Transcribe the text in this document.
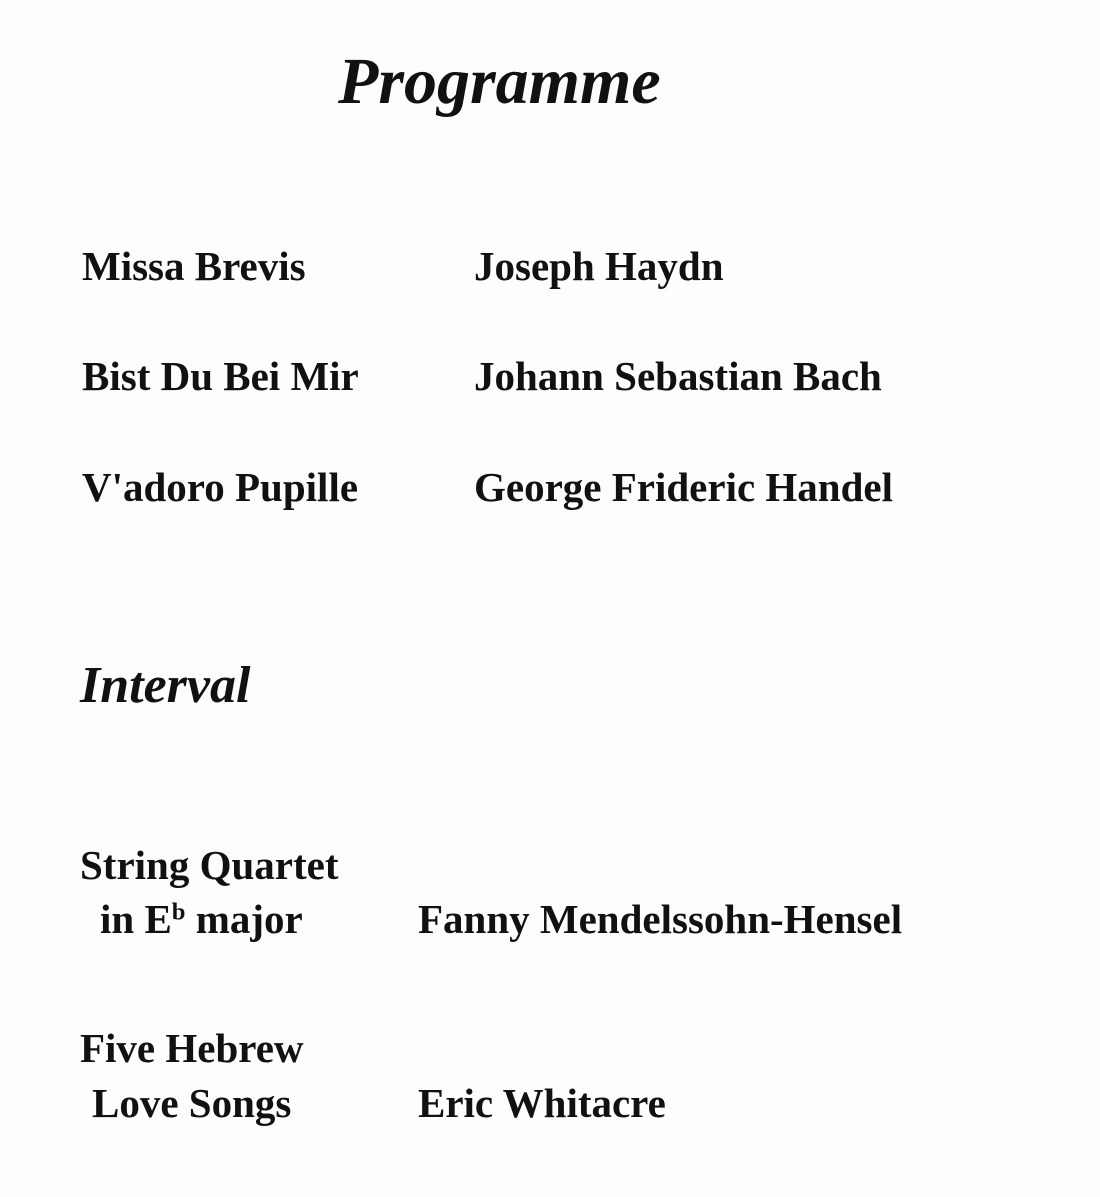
Programme
Missa Brevis	Joseph Haydn
Bist Du Bei Mir	Johann Sebastian Bach
V'adoro Pupille	George Frideric Handel
Interval
String Quartet
in $E^b$ major	Fanny Mendelssohn-Hensel
Five Hebrew
Love Songs	Eric Whitacre
